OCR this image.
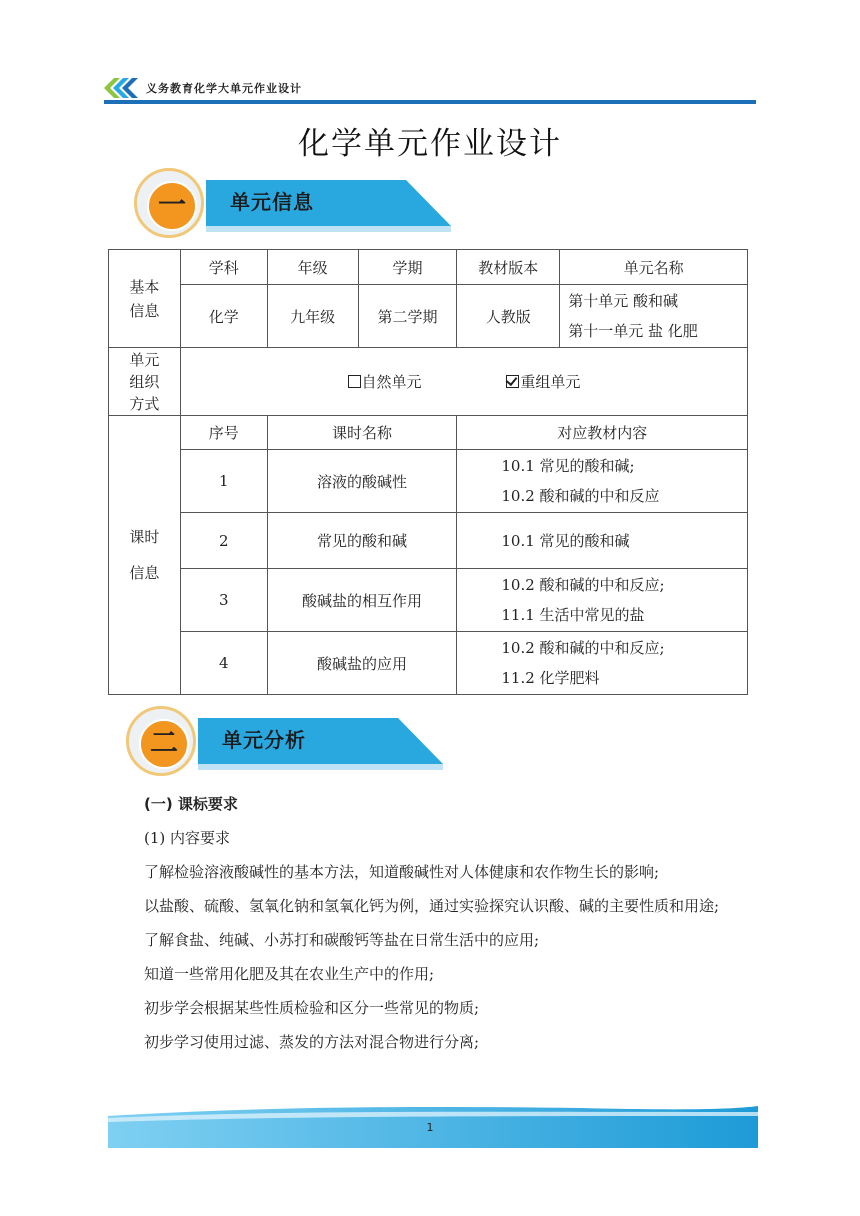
义务教育化学大单元作业设计
化学单元作业设计
一	单元信息
基本
信息	学科	年级	学期	教材版本	单元名称
	化学	九年级	第二学期	人教版	第十单元 酸和碱
第十一单元 盐 化肥

单元
组织
方式	自然单元 重组单元				

课时
信息	序号	课时名称		对应教材内容	
	1	溶液的酸碱性		10.1 常见的酸和碱;
10.2 酸和碱的中和反应	

	2	常见的酸和碱		10.1 常见的酸和碱	

	3	酸碱盐的相互作用		10.2 酸和碱的中和反应;
11.1 生活中常见的盐	

	4	酸碱盐的应用		10.2 酸和碱的中和反应;
11.2 化学肥料	
二	单元分析

(一) 课标要求

(1) 内容要求

了解检验溶液酸碱性的基本方法，知道酸碱性对人体健康和农作物生长的影响;

以盐酸、硫酸、氢氧化钠和氢氧化钙为例，通过实验探究认识酸、碱的主要性质和用途;

了解食盐、纯碱、小苏打和碳酸钙等盐在日常生活中的应用;

知道一些常用化肥及其在农业生产中的作用;

初步学会根据某些性质检验和区分一些常见的物质;

初步学习使用过滤、蒸发的方法对混合物进行分离;

1
